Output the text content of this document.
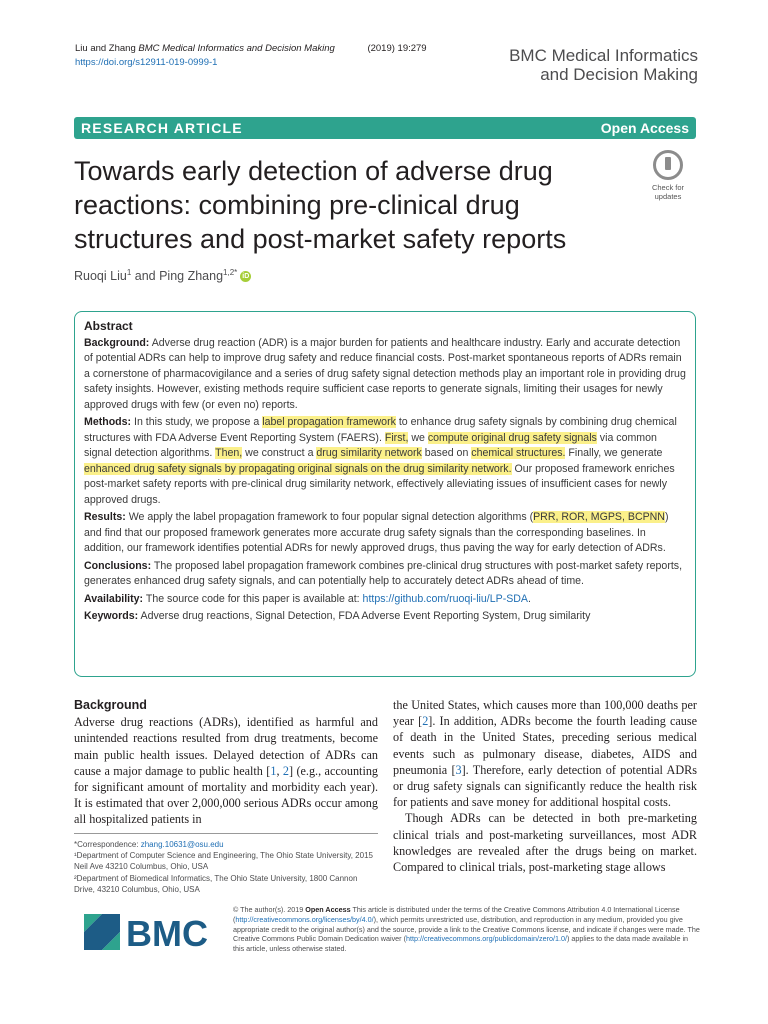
Liu and Zhang BMC Medical Informatics and Decision Making	(2019) 19:279
https://doi.org/s12911-019-0999-1	BMC Medical Informatics and Decision Making
RESEARCH ARTICLE	Open Access
Towards early detection of adverse drug reactions: combining pre-clinical drug structures and post-market safety reports
Check for updates
Ruoqi Liu$^1$ and Ping Zhang$^{1,2*}$ iD
Abstract

Background: Adverse drug reaction (ADR) is a major burden for patients and healthcare industry. Early and accurate detection of potential ADRs can help to improve drug safety and reduce financial costs. Post-market spontaneous reports of ADRs remain a cornerstone of pharmacovigilance and a series of drug safety signal detection methods play an important role in providing drug safety insights. However, existing methods require sufficient case reports to generate signals, limiting their usages for newly approved drugs with few (or even no) reports.

Methods: In this study, we propose a label propagation framework to enhance drug safety signals by combining drug chemical structures with FDA Adverse Event Reporting System (FAERS). First, we compute original drug safety signals via common signal detection algorithms. Then, we construct a drug similarity network based on chemical structures. Finally, we generate enhanced drug safety signals by propagating original signals on the drug similarity network. Our proposed framework enriches post-market safety reports with pre-clinical drug similarity network, effectively alleviating issues of insufficient cases for newly approved drugs.

Results: We apply the label propagation framework to four popular signal detection algorithms (PRR, ROR, MGPS, BCPNN) and find that our proposed framework generates more accurate drug safety signals than the corresponding baselines. In addition, our framework identifies potential ADRs for newly approved drugs, thus paving the way for early detection of ADRs.

Conclusions: The proposed label propagation framework combines pre-clinical drug structures with post-market safety reports, generates enhanced drug safety signals, and can potentially help to accurately detect ADRs ahead of time.

Availability: The source code for this paper is available at: https://github.com/ruoqi-liu/LP-SDA.

Keywords: Adverse drug reactions, Signal Detection, FDA Adverse Event Reporting System, Drug similarity

Background

Adverse drug reactions (ADRs), identified as harmful and unintended reactions resulted from drug treatments, become main public health issues. Delayed detection of ADRs can cause a major damage to public health [1, 2] (e.g., accounting for significant amount of mortality and morbidity each year). It is estimated that over 2,000,000 serious ADRs occur among all hospitalized patients in

the United States, which causes more than 100,000 deaths per year [2]. In addition, ADRs become the fourth leading cause of death in the United States, preceding serious medical events such as pulmonary disease, diabetes, AIDS and pneumonia [3]. Therefore, early detection of potential ADRs or drug safety signals can significantly reduce the health risk for patients and save money for additional hospital costs.

Though ADRs can be detected in both pre-marketing clinical trials and post-marketing surveillances, most ADR knowledges are revealed after the drugs being on market. Compared to clinical trials, post-marketing stage allows

*Correspondence: zhang.10631@osu.edu
¹Department of Computer Science and Engineering, The Ohio State University, 2015 Neil Ave 43210 Columbus, Ohio, USA
²Department of Biomedical Informatics, The Ohio State University, 1800 Cannon Drive, 43210 Columbus, Ohio, USA
BMC
© The author(s). 2019 Open Access This article is distributed under the terms of the Creative Commons Attribution 4.0 International License (http://creativecommons.org/licenses/by/4.0/), which permits unrestricted use, distribution, and reproduction in any medium, provided you give appropriate credit to the original author(s) and the source, provide a link to the Creative Commons license, and indicate if changes were made. The Creative Commons Public Domain Dedication waiver (http://creativecommons.org/publicdomain/zero/1.0/) applies to the data made available in this article, unless otherwise stated.
